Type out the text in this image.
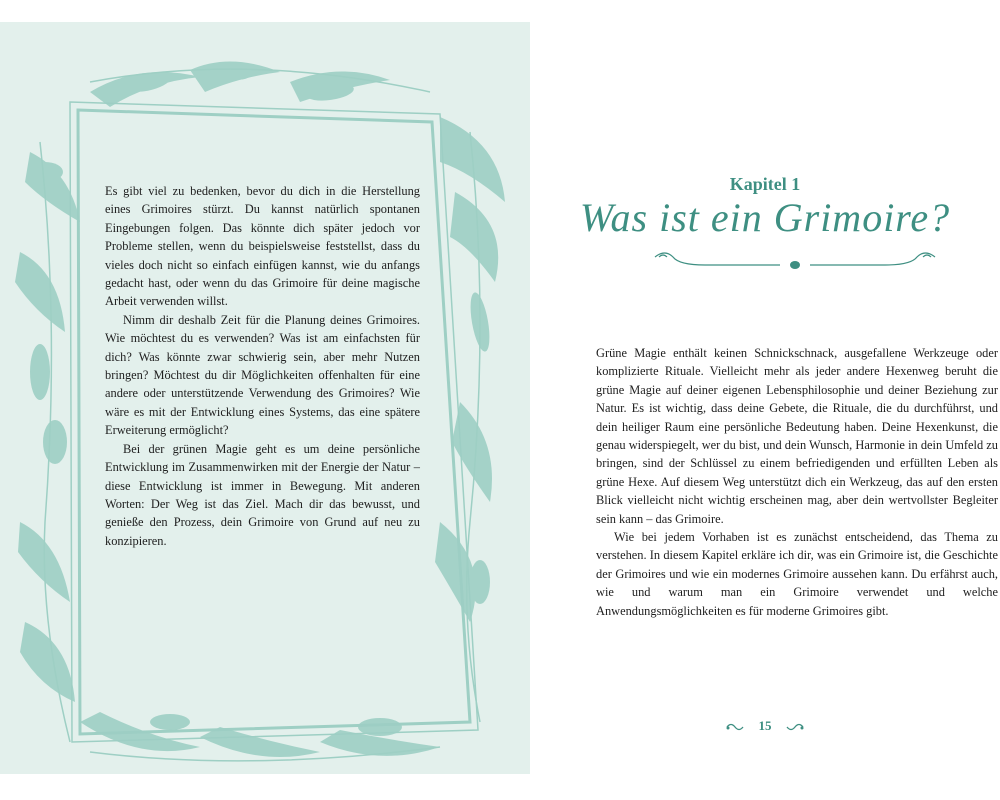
Es gibt viel zu bedenken, bevor du dich in die Herstellung eines Grimoires stürzt. Du kannst natürlich spontanen Eingebungen folgen. Das könnte dich später jedoch vor Probleme stellen, wenn du beispielsweise feststellst, dass du vieles doch nicht so einfach einfügen kannst, wie du anfangs gedacht hast, oder wenn du das Grimoire für deine magische Arbeit verwenden willst.

Nimm dir deshalb Zeit für die Planung deines Grimoires. Wie möchtest du es verwenden? Was ist am einfachsten für dich? Was könnte zwar schwierig sein, aber mehr Nutzen bringen? Möchtest du dir Möglichkeiten offenhalten für eine andere oder unterstützende Verwendung des Grimoires? Wie wäre es mit der Entwicklung eines Systems, das eine spätere Erweiterung ermöglicht?

Bei der grünen Magie geht es um deine persönliche Entwicklung im Zusammenwirken mit der Energie der Natur – diese Entwicklung ist immer in Bewegung. Mit anderen Worten: Der Weg ist das Ziel. Mach dir das bewusst, und genieße den Prozess, dein Grimoire von Grund auf neu zu konzipieren.

Kapitel 1
Was ist ein Grimoire?

Grüne Magie enthält keinen Schnickschnack, ausgefallene Werkzeuge oder komplizierte Rituale. Vielleicht mehr als jeder andere Hexenweg beruht die grüne Magie auf deiner eigenen Lebensphilosophie und deiner Beziehung zur Natur. Es ist wichtig, dass deine Gebete, die Rituale, die du durchführst, und dein heiliger Raum eine persönliche Bedeutung haben. Deine Hexenkunst, die genau widerspiegelt, wer du bist, und dein Wunsch, Harmonie in dein Umfeld zu bringen, sind der Schlüssel zu einem befriedigenden und erfüllten Leben als grüne Hexe. Auf diesem Weg unterstützt dich ein Werkzeug, das auf den ersten Blick vielleicht nicht wichtig erscheinen mag, aber dein wertvollster Begleiter sein kann – das Grimoire.

Wie bei jedem Vorhaben ist es zunächst entscheidend, das Thema zu verstehen. In diesem Kapitel erkläre ich dir, was ein Grimoire ist, die Geschichte der Grimoires und wie ein modernes Grimoire aussehen kann. Du erfährst auch, wie und warum man ein Grimoire verwendet und welche Anwendungsmöglichkeiten es für moderne Grimoires gibt.

15
